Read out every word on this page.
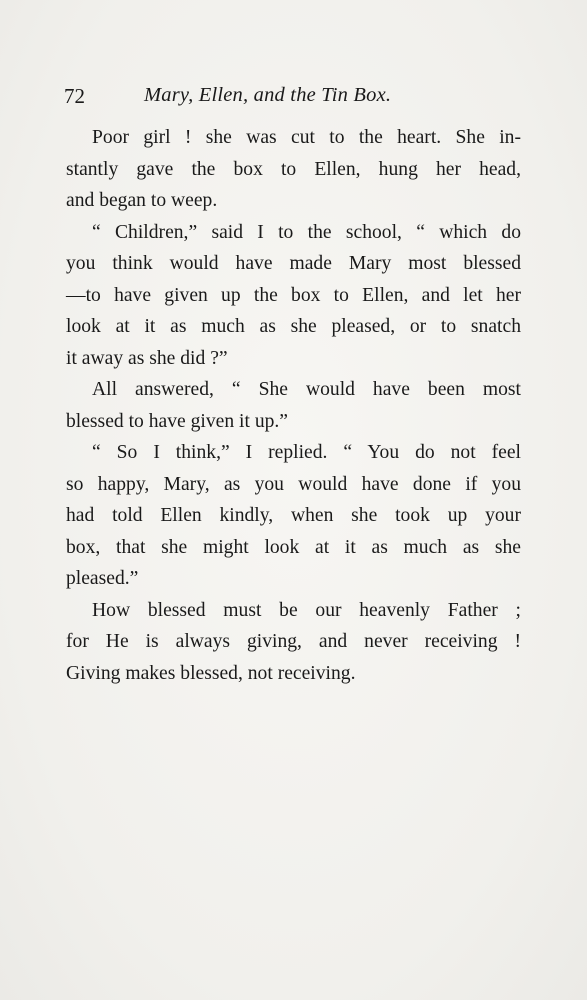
72	Mary, Ellen, and the Tin Box.

Poor girl ! she was cut to the heart. She in-
stantly gave the box to Ellen, hung her head,
and began to weep.

“ Children,” said I to the school, “ which do
you think would have made Mary most blessed
—to have given up the box to Ellen, and let her
look at it as much as she pleased, or to snatch
it away as she did ?”

All answered, “ She would have been most
blessed to have given it up.”

“ So I think,” I replied. “ You do not feel
so happy, Mary, as you would have done if you
had told Ellen kindly, when she took up your
box, that she might look at it as much as she
pleased.”

How blessed must be our heavenly Father ;
for He is always giving, and never receiving !
Giving makes blessed, not receiving.
